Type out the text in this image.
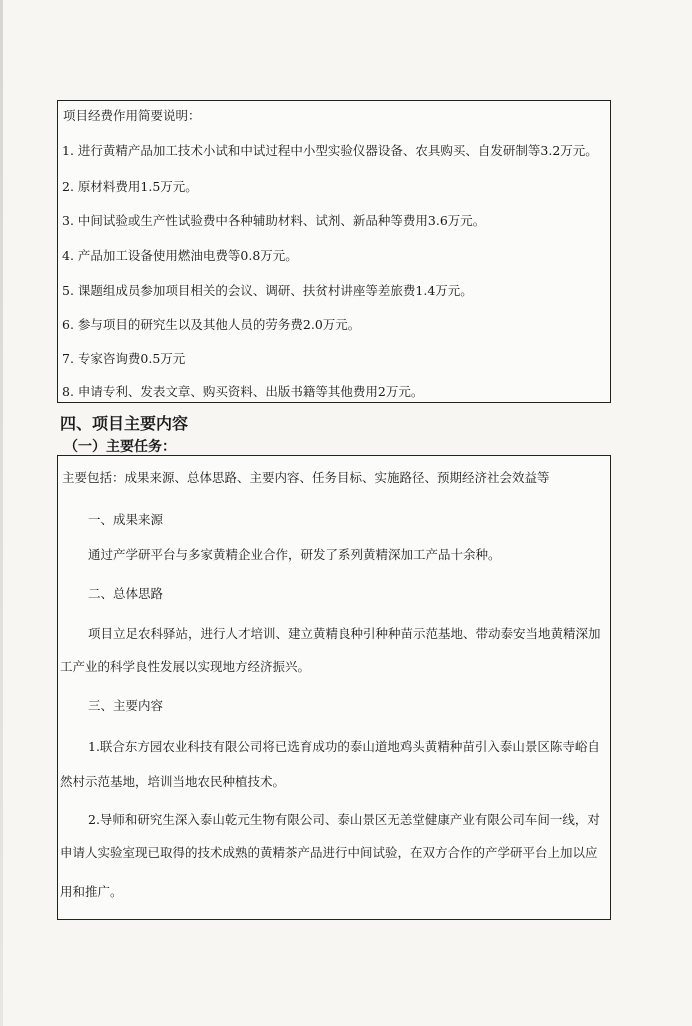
项目经费作用简要说明：
1. 进行黄精产品加工技术小试和中试过程中小型实验仪器设备、农具购买、自发研制等3.2万元。
2. 原材料费用1.5万元。
3. 中间试验或生产性试验费中各种辅助材料、试剂、新品种等费用3.6万元。
4. 产品加工设备使用燃油电费等0.8万元。
5. 课题组成员参加项目相关的会议、调研、扶贫村讲座等差旅费1.4万元。
6. 参与项目的研究生以及其他人员的劳务费2.0万元。
7. 专家咨询费0.5万元
8. 申请专利、发表文章、购买资料、出版书籍等其他费用2万元。
四、项目主要内容
（一）主要任务：
主要包括：成果来源、总体思路、主要内容、任务目标、实施路径、预期经济社会效益等
一、成果来源
通过产学研平台与多家黄精企业合作，研发了系列黄精深加工产品十余种。
二、总体思路
项目立足农科驿站，进行人才培训、建立黄精良种引种种苗示范基地、带动泰安当地黄精深加
工产业的科学良性发展以实现地方经济振兴。
三、主要内容
1.联合东方园农业科技有限公司将已选育成功的泰山道地鸡头黄精种苗引入泰山景区陈寺峪自
然村示范基地，培训当地农民种植技术。
2.导师和研究生深入泰山乾元生物有限公司、泰山景区无恙堂健康产业有限公司车间一线，对
申请人实验室现已取得的技术成熟的黄精茶产品进行中间试验，在双方合作的产学研平台上加以应
用和推广。
